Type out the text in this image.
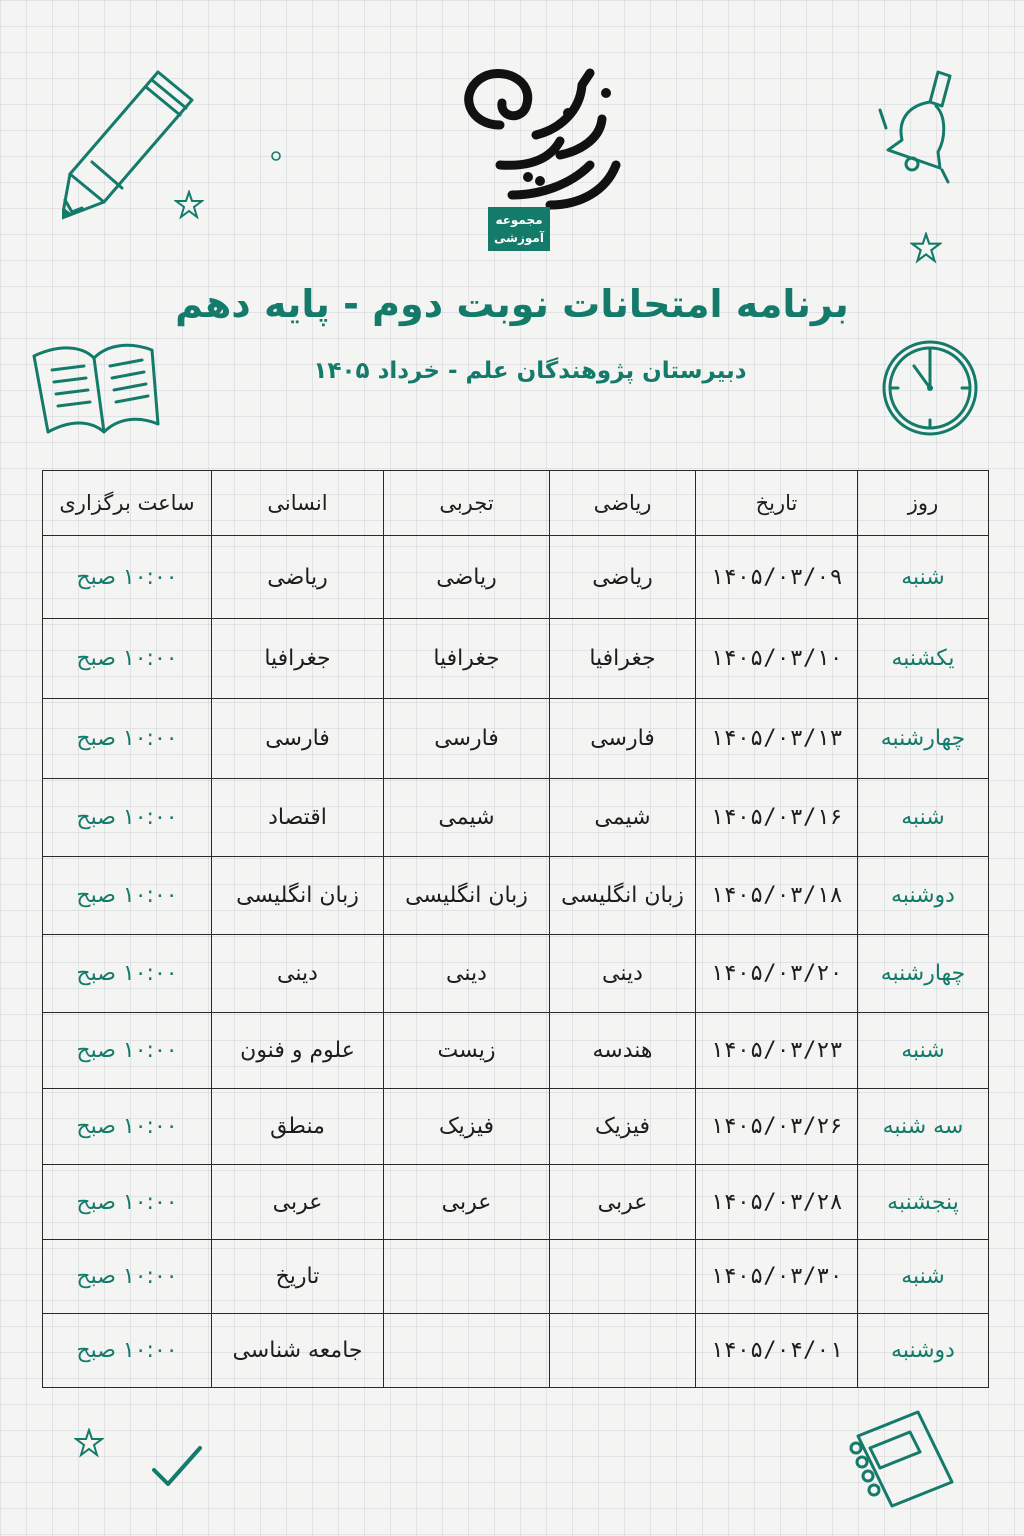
مجموعه
آموزشی
برنامه امتحانات نوبت دوم - پایه دهم
دبیرستان پژوهندگان علم - خرداد ۱۴۰۵
روز	تاریخ	ریاضی	تجربی	انسانی	ساعت برگزاری
شنبه	۱۴۰۵/۰۳/۰۹	ریاضی	ریاضی	ریاضی	۱۰:۰۰ صبح
یکشنبه	۱۴۰۵/۰۳/۱۰	جغرافیا	جغرافیا	جغرافیا	۱۰:۰۰ صبح
چهارشنبه	۱۴۰۵/۰۳/۱۳	فارسی	فارسی	فارسی	۱۰:۰۰ صبح
شنبه	۱۴۰۵/۰۳/۱۶	شیمی	شیمی	اقتصاد	۱۰:۰۰ صبح
دوشنبه	۱۴۰۵/۰۳/۱۸	زبان انگلیسی	زبان انگلیسی	زبان انگلیسی	۱۰:۰۰ صبح
چهارشنبه	۱۴۰۵/۰۳/۲۰	دینی	دینی	دینی	۱۰:۰۰ صبح
شنبه	۱۴۰۵/۰۳/۲۳	هندسه	زیست	علوم و فنون	۱۰:۰۰ صبح
سه شنبه	۱۴۰۵/۰۳/۲۶	فیزیک	فیزیک	منطق	۱۰:۰۰ صبح
پنجشنبه	۱۴۰۵/۰۳/۲۸	عربی	عربی	عربی	۱۰:۰۰ صبح
شنبه	۱۴۰۵/۰۳/۳۰			تاریخ	۱۰:۰۰ صبح
دوشنبه	۱۴۰۵/۰۴/۰۱			جامعه شناسی	۱۰:۰۰ صبح
